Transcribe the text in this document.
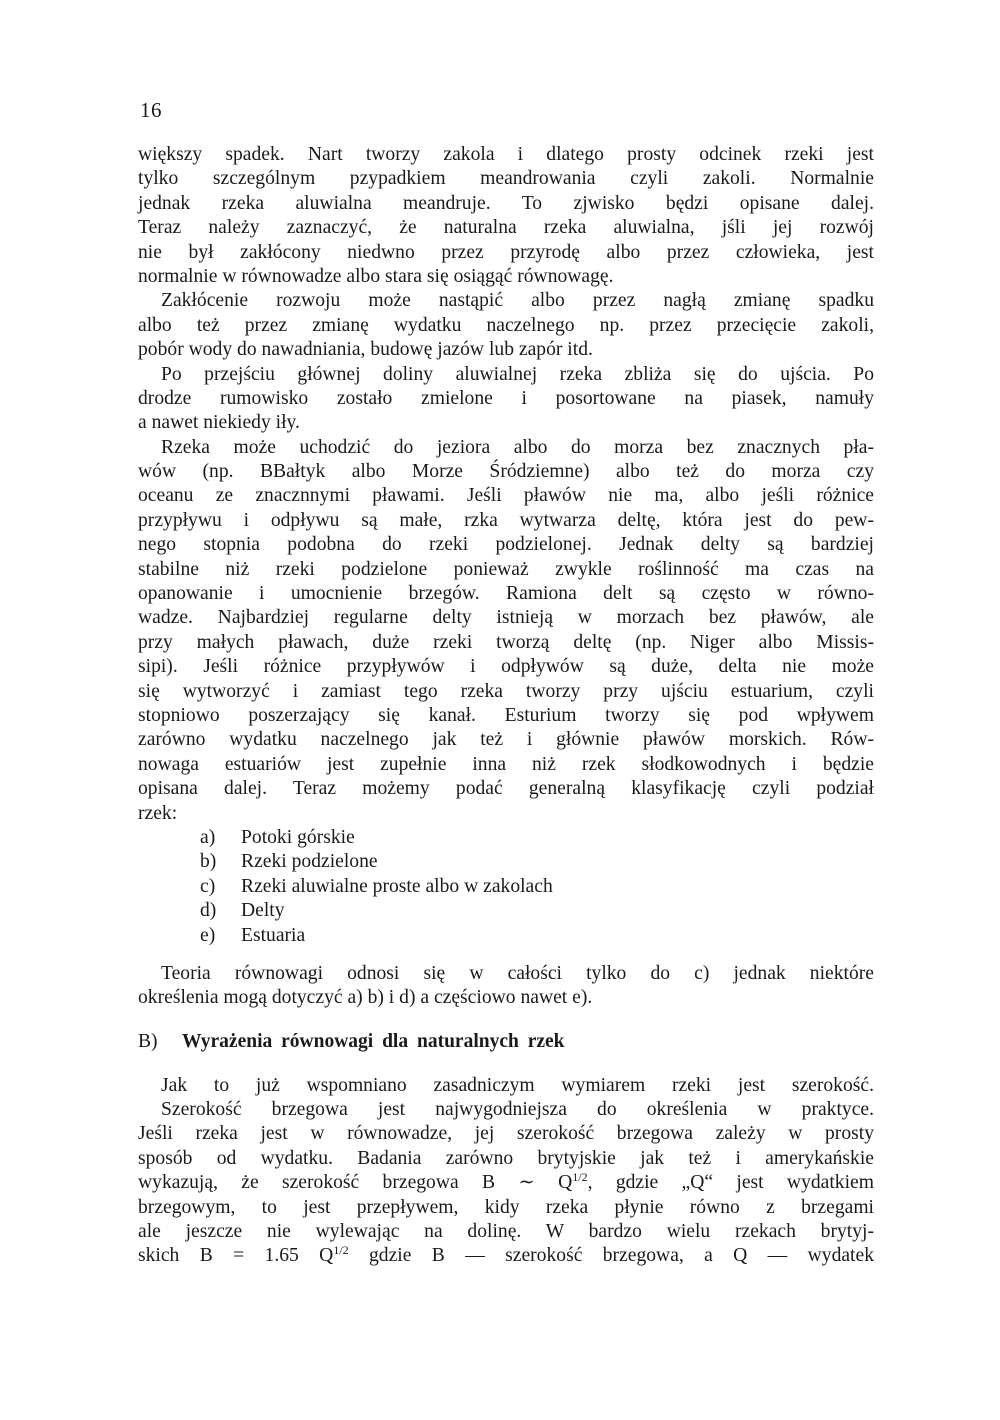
16
większy spadek. Nart tworzy zakola i dlatego prosty odcinek rzeki jest
tylko szczególnym pzypadkiem meandrowania czyli zakoli. Normalnie
jednak rzeka aluwialna meandruje. To zjwisko będzi opisane dalej.
Teraz należy zaznaczyć, że naturalna rzeka aluwialna, jśli jej rozwój
nie był zakłócony niedwno przez przyrodę albo przez człowieka, jest
normalnie w równowadze albo stara się osiągąć równowagę.
Zakłócenie rozwoju może nastąpić albo przez nagłą zmianę spadku
albo też przez zmianę wydatku naczelnego np. przez przecięcie zakoli,
pobór wody do nawadniania, budowę jazów lub zapór itd.
Po przejściu głównej doliny aluwialnej rzeka zbliża się do ujścia. Po
drodze rumowisko zostało zmielone i posortowane na piasek, namuły
a nawet niekiedy iły.
Rzeka może uchodzić do jeziora albo do morza bez znacznych pła-
wów (np. BBałtyk albo Morze Śródziemne) albo też do morza czy
oceanu ze znacznnymi pławami. Jeśli pławów nie ma, albo jeśli różnice
przypływu i odpływu są małe, rzka wytwarza deltę, która jest do pew-
nego stopnia podobna do rzeki podzielonej. Jednak delty są bardziej
stabilne niż rzeki podzielone ponieważ zwykle roślinność ma czas na
opanowanie i umocnienie brzegów. Ramiona delt są często w równo-
wadze. Najbardziej regularne delty istnieją w morzach bez pławów, ale
przy małych pławach, duże rzeki tworzą deltę (np. Niger albo Missis-
sipi). Jeśli różnice przypływów i odpływów są duże, delta nie może
się wytworzyć i zamiast tego rzeka tworzy przy ujściu estuarium, czyli
stopniowo poszerzający się kanał. Esturium tworzy się pod wpływem
zarówno wydatku naczelnego jak też i głównie pławów morskich. Rów-
nowaga estuariów jest zupełnie inna niż rzek słodkowodnych i będzie
opisana dalej. Teraz możemy podać generalną klasyfikację czyli podział
rzek:
a)	Potoki górskie
b)	Rzeki podzielone
c)	Rzeki aluwialne proste albo w zakolach
d)	Delty
e)	Estuaria
Teoria równowagi odnosi się w całości tylko do c) jednak niektóre
określenia mogą dotyczyć a) b) i d) a częściowo nawet e).
B)	Wyrażenia równowagi dla naturalnych rzek
Jak to już wspomniano zasadniczym wymiarem rzeki jest szerokość.
Szerokość brzegowa jest najwygodniejsza do określenia w praktyce.
Jeśli rzeka jest w równowadze, jej szerokość brzegowa zależy w prosty
sposób od wydatku. Badania zarówno brytyjskie jak też i amerykańskie
wykazują, że szerokość brzegowa B ∼ $Q^{1/2}$, gdzie „Q“ jest wydatkiem
brzegowym, to jest przepływem, kidy rzeka płynie równo z brzegami
ale jeszcze nie wylewając na dolinę. W bardzo wielu rzekach brytyj-
skich B = 1.65 $Q^{1/2}$ gdzie B — szerokość brzegowa, a Q — wydatek
